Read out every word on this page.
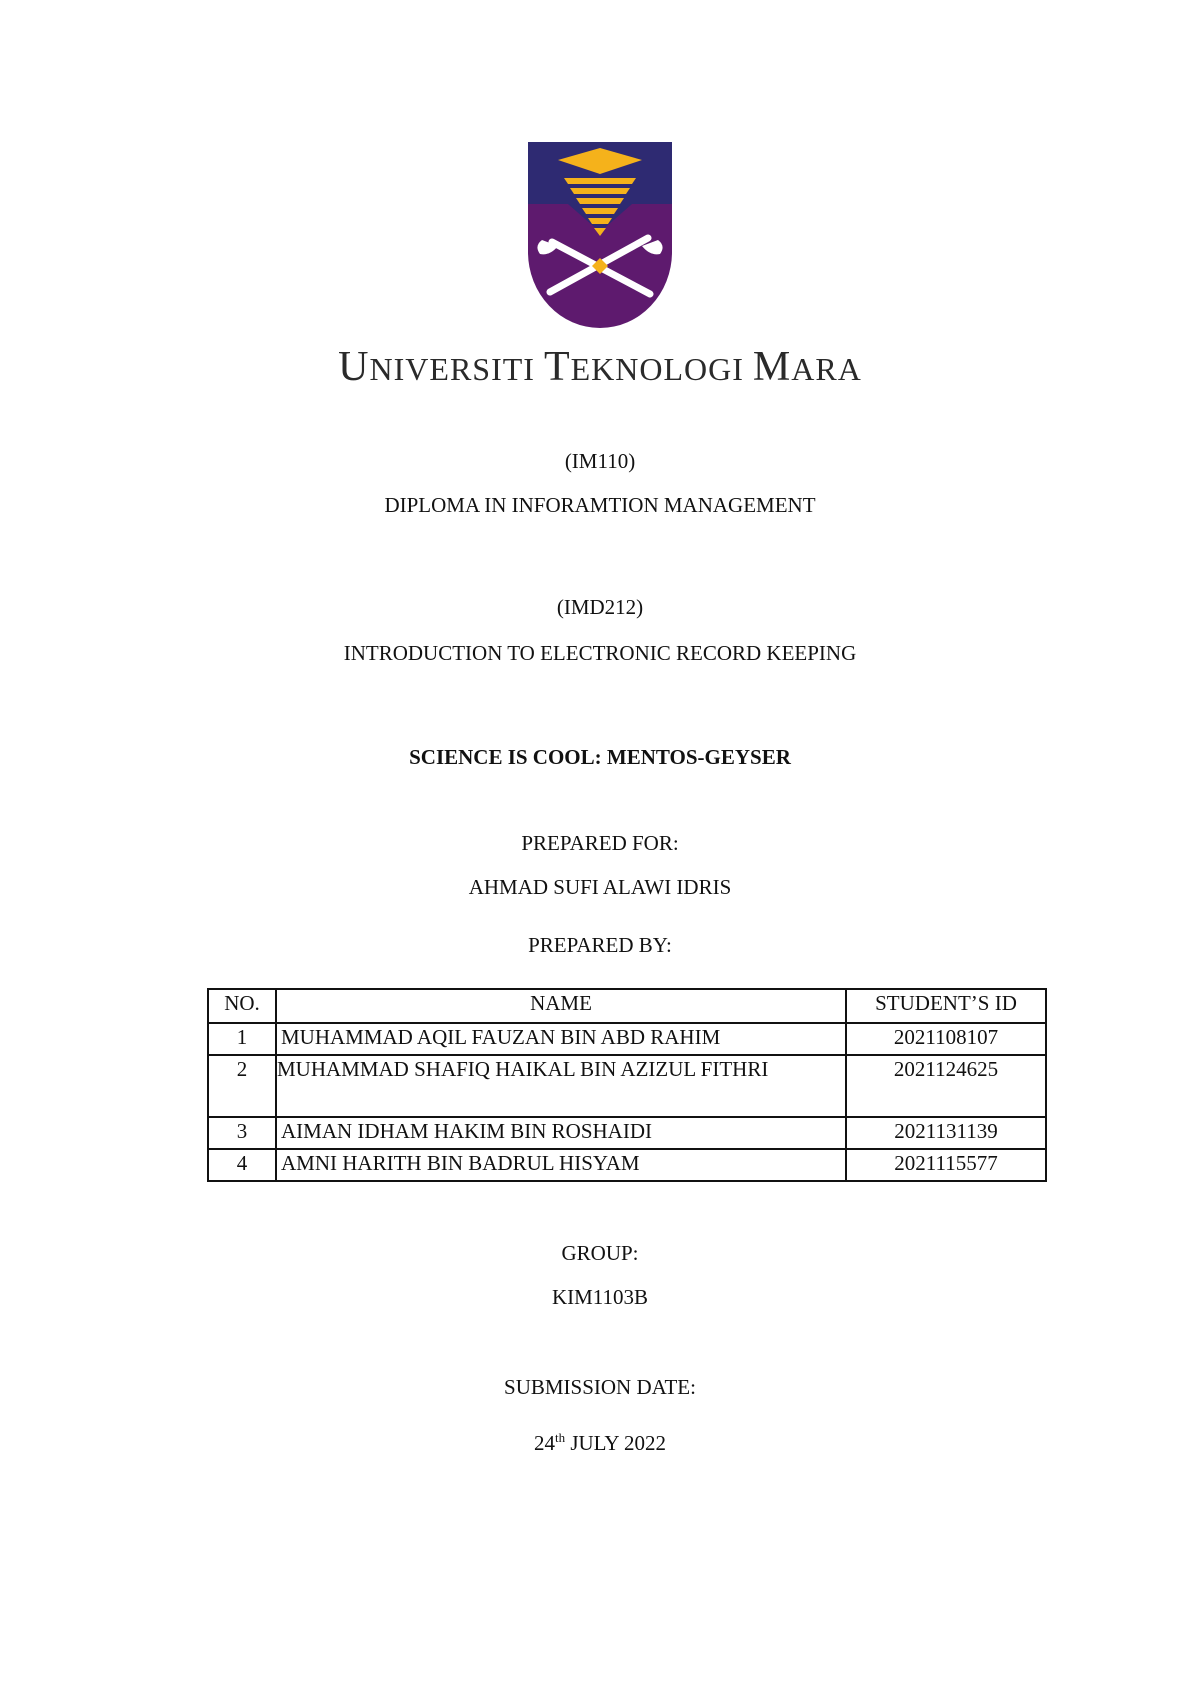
UNIVERSITI TEKNOLOGI MARA
(IM110)
DIPLOMA IN INFORAMTION MANAGEMENT
(IMD212)
INTRODUCTION TO ELECTRONIC RECORD KEEPING
SCIENCE IS COOL: MENTOS-GEYSER
PREPARED FOR:
AHMAD SUFI ALAWI IDRIS
PREPARED BY:
NO.	NAME	STUDENT’S ID
1	MUHAMMAD AQIL FAUZAN BIN ABD RAHIM	2021108107
2	MUHAMMAD SHAFIQ HAIKAL BIN AZIZUL FITHRI	2021124625
3	AIMAN IDHAM HAKIM BIN ROSHAIDI	2021131139
4	AMNI HARITH BIN BADRUL HISYAM	2021115577
GROUP:
KIM1103B
SUBMISSION DATE:
24th JULY 2022
